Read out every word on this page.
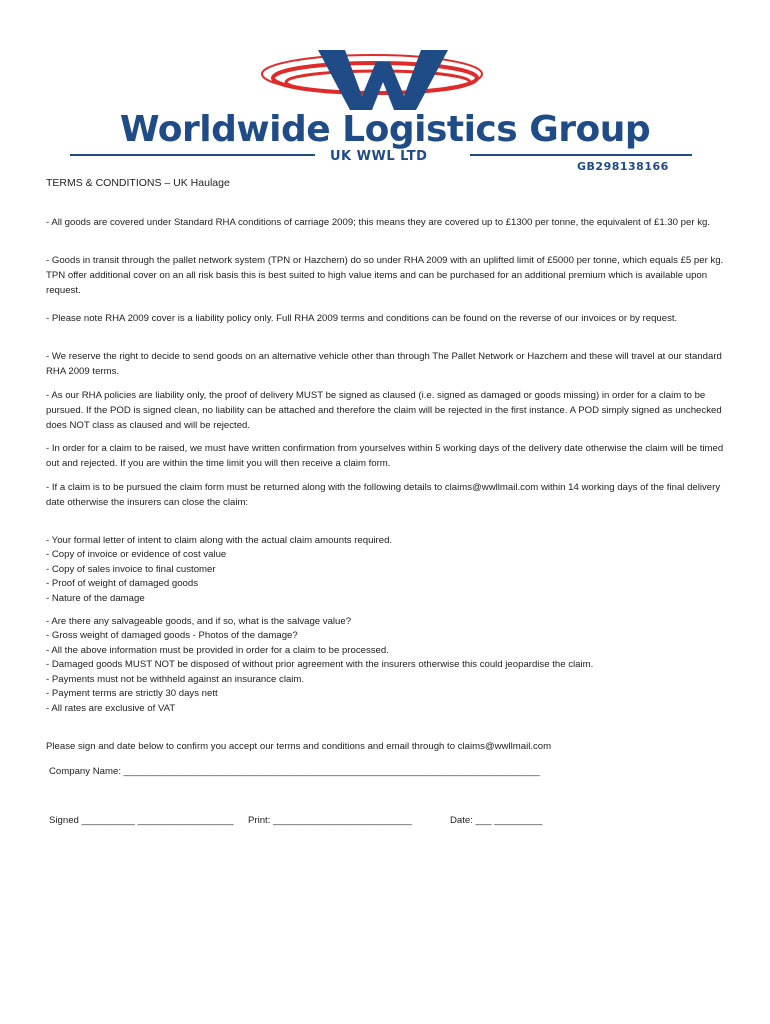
Worldwide Logistics Group
UK WWL LTD
GB298138166
TERMS & CONDITIONS – UK Haulage

- All goods are covered under Standard RHA conditions of carriage 2009; this means they are covered up to £1300 per tonne, the equivalent of £1.30 per kg.

- Goods in transit through the pallet network system (TPN or Hazchem) do so under RHA 2009 with an uplifted limit of £5000 per tonne, which equals £5 per kg. TPN offer additional cover on an all risk basis this is best suited to high value items and can be purchased for an additional premium which is available upon request.

- Please note RHA 2009 cover is a liability policy only. Full RHA 2009 terms and conditions can be found on the reverse of our invoices or by request.

- We reserve the right to decide to send goods on an alternative vehicle other than through The Pallet Network or Hazchem and these will travel at our standard RHA 2009 terms.

- As our RHA policies are liability only, the proof of delivery MUST be signed as claused (i.e. signed as damaged or goods missing) in order for a claim to be pursued. If the POD is signed clean, no liability can be attached and therefore the claim will be rejected in the first instance. A POD simply signed as unchecked does NOT class as claused and will be rejected.

- In order for a claim to be raised, we must have written confirmation from yourselves within 5 working days of the delivery date otherwise the claim will be timed out and rejected. If you are within the time limit you will then receive a claim form.

- If a claim is to be pursued the claim form must be returned along with the following details to claims@wwllmail.com within 14 working days of the final delivery date otherwise the insurers can close the claim:

- Your formal letter of intent to claim along with the actual claim amounts required.
- Copy of invoice or evidence of cost value
- Copy of sales invoice to final customer
- Proof of weight of damaged goods
- Nature of the damage
- Are there any salvageable goods, and if so, what is the salvage value?
- Gross weight of damaged goods - Photos of the damage?
- All the above information must be provided in order for a claim to be processed.
- Damaged goods MUST NOT be disposed of without prior agreement with the insurers otherwise this could jeopardise the claim.
- Payments must not be withheld against an insurance claim.
- Payment terms are strictly 30 days nett
- All rates are exclusive of VAT
Please sign and date below to confirm you accept our terms and conditions and email through to claims@wwllmail.com
Company Name: ______________________________________________________________________________
Signed __________ __________________ Print: __________________________	Date: ___ _________
